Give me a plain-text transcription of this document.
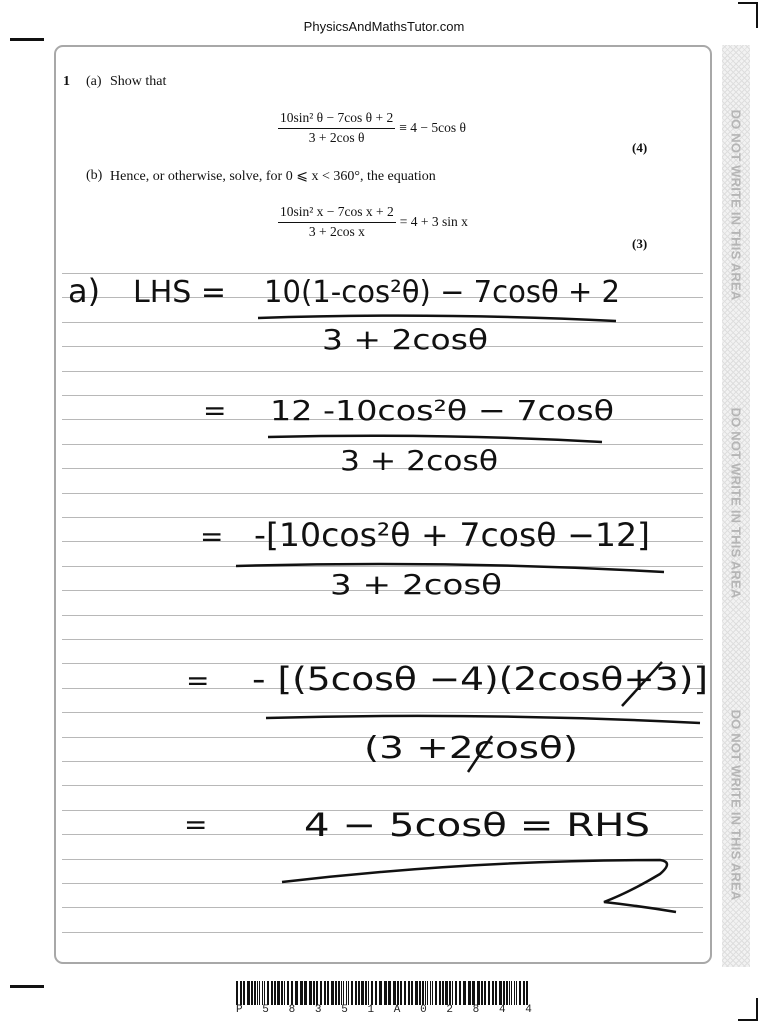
PhysicsAndMathsTutor.com
DO NOT WRITE IN THIS AREA
DO NOT WRITE IN THIS AREA
DO NOT WRITE IN THIS AREA
1 (a) Show that
$\frac{\text{10sin² θ − 7cos θ + 2}}{\text{3 + 2cos θ}} \equiv 4 - 5\cos$ θ
(4)
(b) Hence, or otherwise, solve, for 0 ⩽ x < 360°, the equation
$\frac{\text{10sin² x − 7cos x + 2}}{\text{3 + 2cos x}} = 4 + 3$ sin x
(3)
a) LHS = 10(1-cos²θ) − 7cosθ + 2
3 + 2cosθ
= 12 -10cos²θ − 7cosθ
3 + 2cosθ
= -[10cos²θ + 7cosθ −12]
3 + 2cosθ
= - [(5cosθ −4)(2cosθ+3)]
(3 +2cosθ)
=	4 − 5cosθ = RHS
P 5 8 3 5 1 A 0 2 8 4 4
